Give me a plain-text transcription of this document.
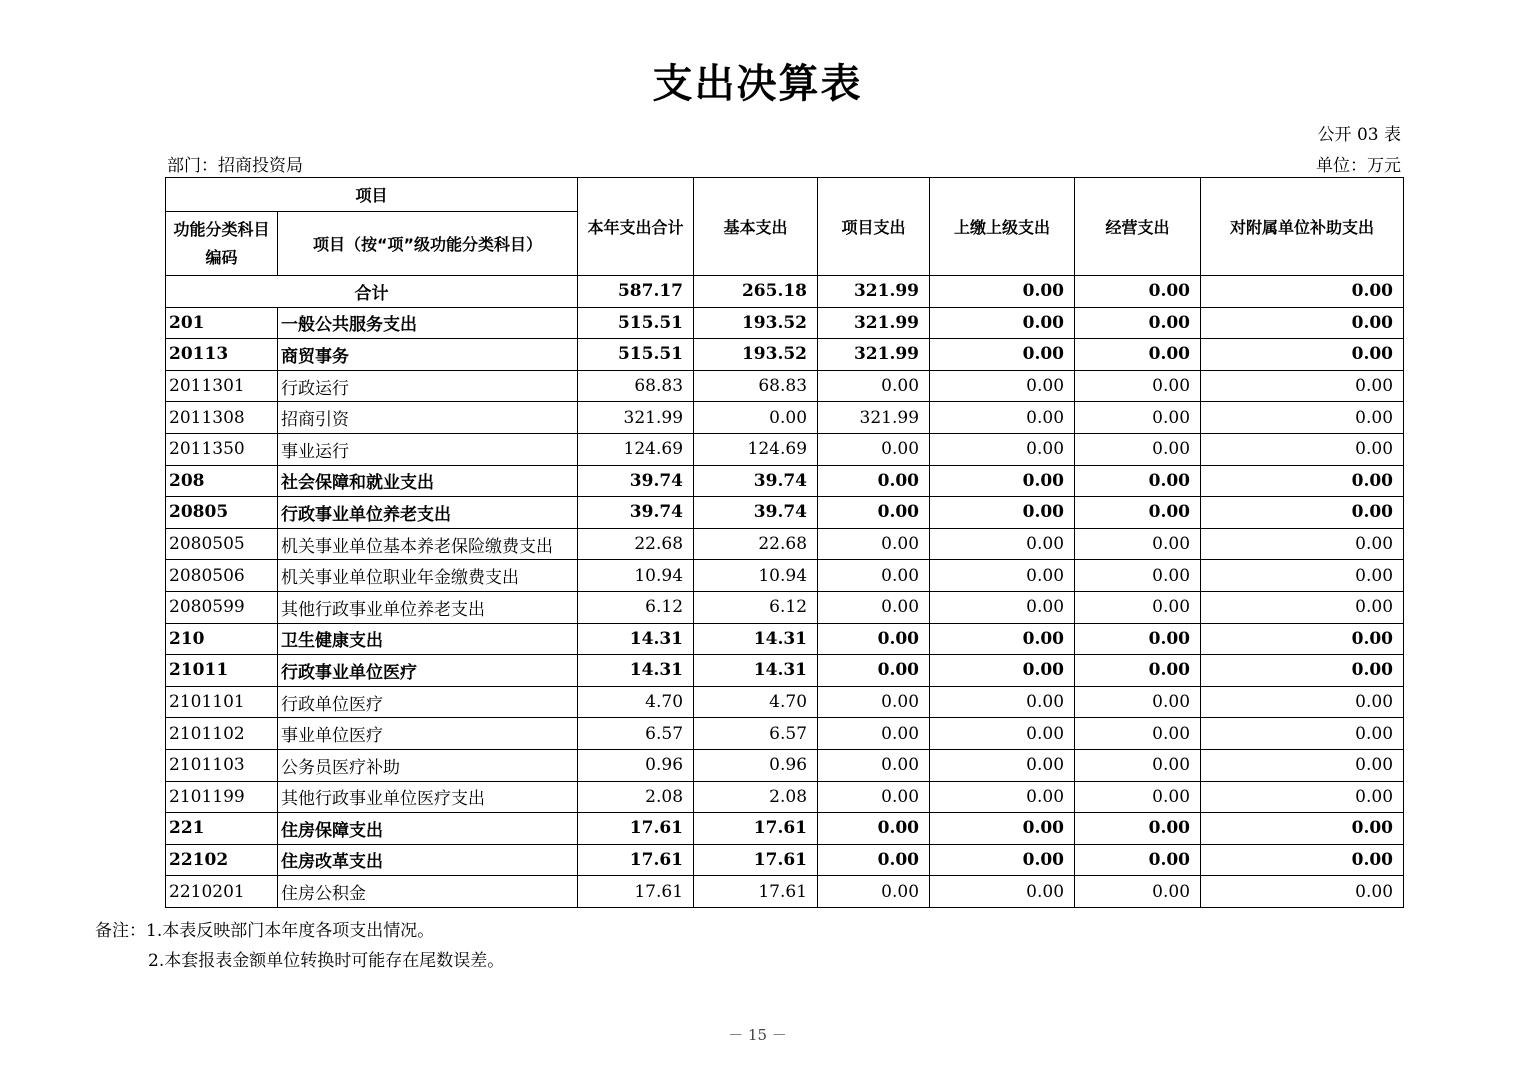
支出决算表
公开 03 表
部门：招商投资局	单位：万元
项目		本年支出合计	基本支出	项目支出	上缴上级支出	经营支出	对附属单位补助支出
功能分类科目编码	项目（按“项”级功能分类科目）						
合计		587.17	265.18	321.99	0.00	0.00	0.00
201	一般公共服务支出	515.51	193.52	321.99	0.00	0.00	0.00
20113	商贸事务	515.51	193.52	321.99	0.00	0.00	0.00
2011301	行政运行	68.83	68.83	0.00	0.00	0.00	0.00
2011308	招商引资	321.99	0.00	321.99	0.00	0.00	0.00
2011350	事业运行	124.69	124.69	0.00	0.00	0.00	0.00
208	社会保障和就业支出	39.74	39.74	0.00	0.00	0.00	0.00
20805	行政事业单位养老支出	39.74	39.74	0.00	0.00	0.00	0.00
2080505	机关事业单位基本养老保险缴费支出	22.68	22.68	0.00	0.00	0.00	0.00
2080506	机关事业单位职业年金缴费支出	10.94	10.94	0.00	0.00	0.00	0.00
2080599	其他行政事业单位养老支出	6.12	6.12	0.00	0.00	0.00	0.00
210	卫生健康支出	14.31	14.31	0.00	0.00	0.00	0.00
21011	行政事业单位医疗	14.31	14.31	0.00	0.00	0.00	0.00
2101101	行政单位医疗	4.70	4.70	0.00	0.00	0.00	0.00
2101102	事业单位医疗	6.57	6.57	0.00	0.00	0.00	0.00
2101103	公务员医疗补助	0.96	0.96	0.00	0.00	0.00	0.00
2101199	其他行政事业单位医疗支出	2.08	2.08	0.00	0.00	0.00	0.00
221	住房保障支出	17.61	17.61	0.00	0.00	0.00	0.00
22102	住房改革支出	17.61	17.61	0.00	0.00	0.00	0.00
2210201	住房公积金	17.61	17.61	0.00	0.00	0.00	0.00
备注：1.本表反映部门本年度各项支出情况。
2.本套报表金额单位转换时可能存在尾数误差。
－ 15 －
